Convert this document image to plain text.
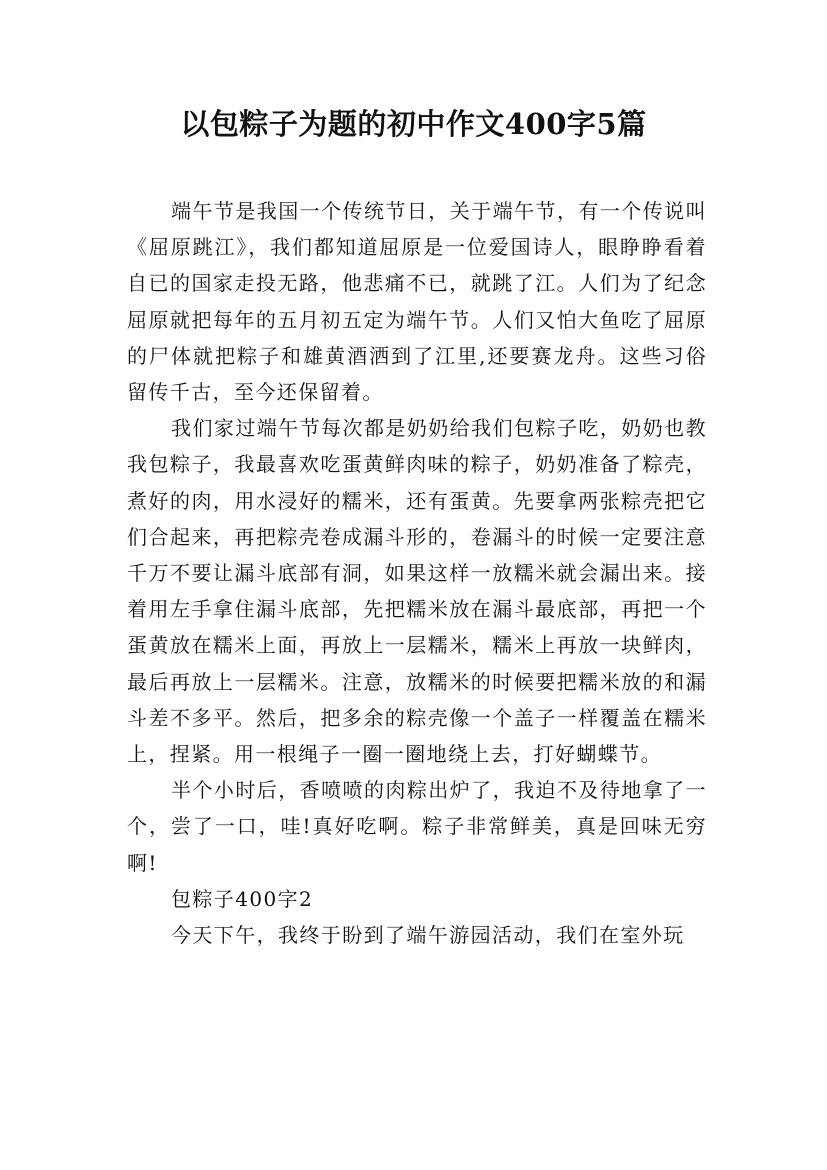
以包粽子为题的初中作文400字5篇

端午节是我国一个传统节日，关于端午节，有一个传说叫《屈原跳江》，我们都知道屈原是一位爱国诗人，眼睁睁看着自已的国家走投无路，他悲痛不已，就跳了江。人们为了纪念屈原就把每年的五月初五定为端午节。人们又怕大鱼吃了屈原的尸体就把粽子和雄黄酒洒到了江里,还要赛龙舟。这些习俗留传千古，至今还保留着。

我们家过端午节每次都是奶奶给我们包粽子吃，奶奶也教我包粽子，我最喜欢吃蛋黄鲜肉味的粽子，奶奶准备了粽壳，煮好的肉，用水浸好的糯米，还有蛋黄。先要拿两张粽壳把它们合起来，再把粽壳卷成漏斗形的，卷漏斗的时候一定要注意千万不要让漏斗底部有洞，如果这样一放糯米就会漏出来。接着用左手拿住漏斗底部，先把糯米放在漏斗最底部，再把一个蛋黄放在糯米上面，再放上一层糯米，糯米上再放一块鲜肉，最后再放上一层糯米。注意，放糯米的时候要把糯米放的和漏斗差不多平。然后，把多余的粽壳像一个盖子一样覆盖在糯米上，捏紧。用一根绳子一圈一圈地绕上去，打好蝴蝶节。

半个小时后，香喷喷的肉粽出炉了，我迫不及待地拿了一个，尝了一口，哇!真好吃啊。粽子非常鲜美，真是回味无穷啊!

包粽子400字2

今天下午，我终于盼到了端午游园活动，我们在室外玩
